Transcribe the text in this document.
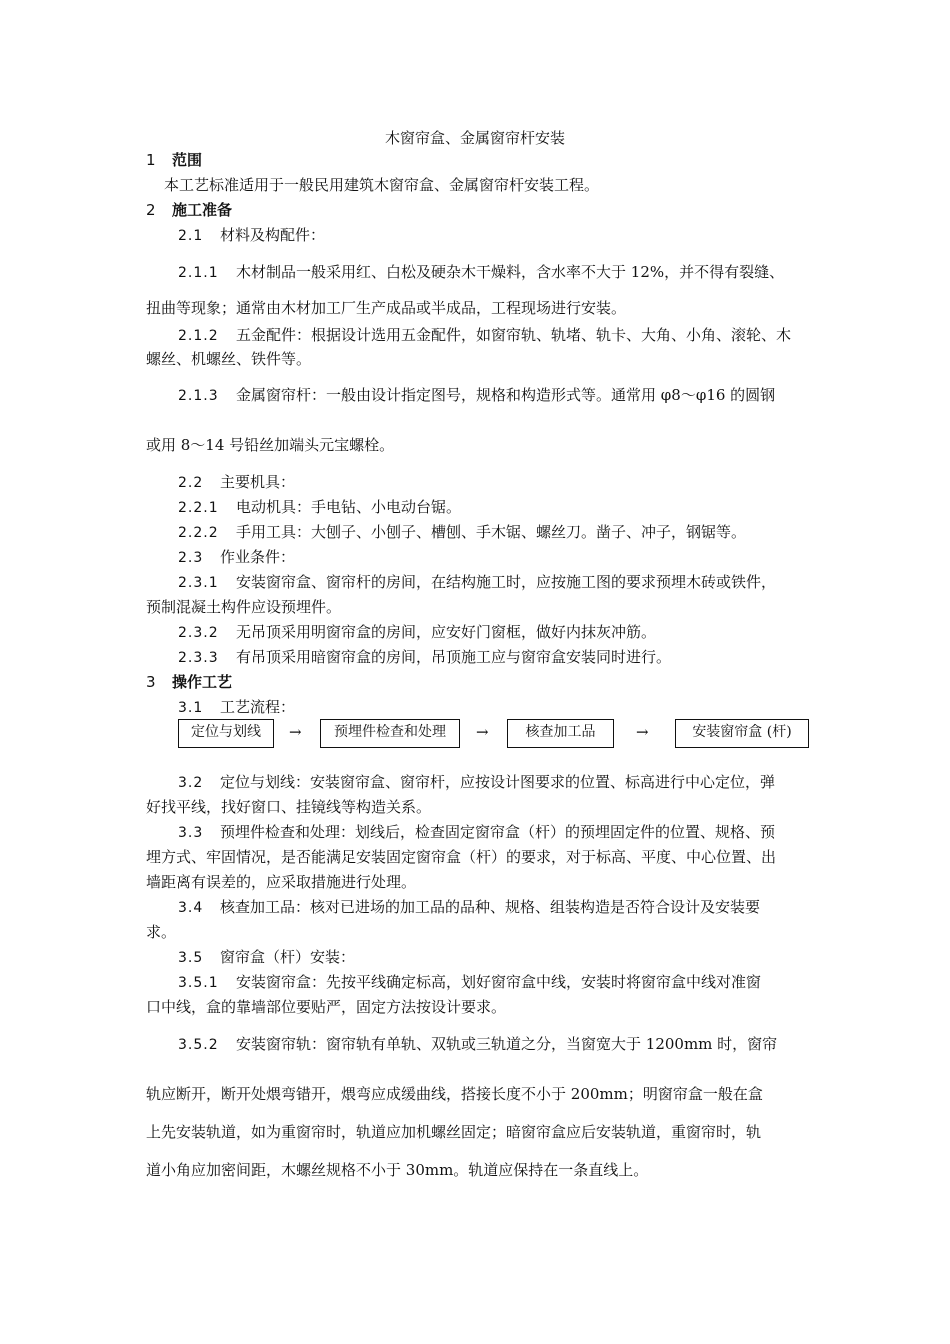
木窗帘盒、金属窗帘杆安装
1 范围
本工艺标准适用于一般民用建筑木窗帘盒、金属窗帘杆安装工程。
2 施工准备
2.1 材料及构配件：
2.1.1 木材制品一般采用红、白松及硬杂木干燥料，含水率不大于 12%，并不得有裂缝、
扭曲等现象；通常由木材加工厂生产成品或半成品，工程现场进行安装。
2.1.2 五金配件：根据设计选用五金配件，如窗帘轨、轨堵、轨卡、大角、小角、滚轮、木
螺丝、机螺丝、铁件等。
2.1.3 金属窗帘杆：一般由设计指定图号，规格和构造形式等。通常用 φ8～φ16 的圆钢
或用 8～14 号铅丝加端头元宝螺栓。
2.2 主要机具：
2.2.1 电动机具：手电钻、小电动台锯。
2.2.2 手用工具：大刨子、小刨子、槽刨、手木锯、螺丝刀。凿子、冲子，钢锯等。
2.3 作业条件：
2.3.1 安装窗帘盒、窗帘杆的房间，在结构施工时，应按施工图的要求预埋木砖或铁件，
预制混凝土构件应设预埋件。
2.3.2 无吊顶采用明窗帘盒的房间，应安好门窗框，做好内抹灰冲筋。
2.3.3 有吊顶采用暗窗帘盒的房间，吊顶施工应与窗帘盒安装同时进行。
3 操作工艺
3.1 工艺流程：
定位与划线	→	预埋件检查和处理	→	核查加工品	→	安装窗帘盒 (杆)
3.2 定位与划线：安装窗帘盒、窗帘杆，应按设计图要求的位置、标高进行中心定位，弹
好找平线，找好窗口、挂镜线等构造关系。
3.3 预埋件检查和处理：划线后，检查固定窗帘盒（杆）的预埋固定件的位置、规格、预
埋方式、牢固情况，是否能满足安装固定窗帘盒（杆）的要求，对于标高、平度、中心位置、出
墙距离有误差的，应采取措施进行处理。
3.4 核查加工品：核对已进场的加工品的品种、规格、组装构造是否符合设计及安装要
求。
3.5 窗帘盒（杆）安装：
3.5.1 安装窗帘盒：先按平线确定标高，划好窗帘盒中线，安装时将窗帘盒中线对准窗
口中线，盒的靠墙部位要贴严，固定方法按设计要求。
3.5.2 安装窗帘轨：窗帘轨有单轨、双轨或三轨道之分，当窗宽大于 1200mm 时，窗帘
轨应断开，断开处煨弯错开，煨弯应成缓曲线，搭接长度不小于 200mm；明窗帘盒一般在盒
上先安装轨道，如为重窗帘时，轨道应加机螺丝固定；暗窗帘盒应后安装轨道，重窗帘时，轨
道小角应加密间距，木螺丝规格不小于 30mm。轨道应保持在一条直线上。
